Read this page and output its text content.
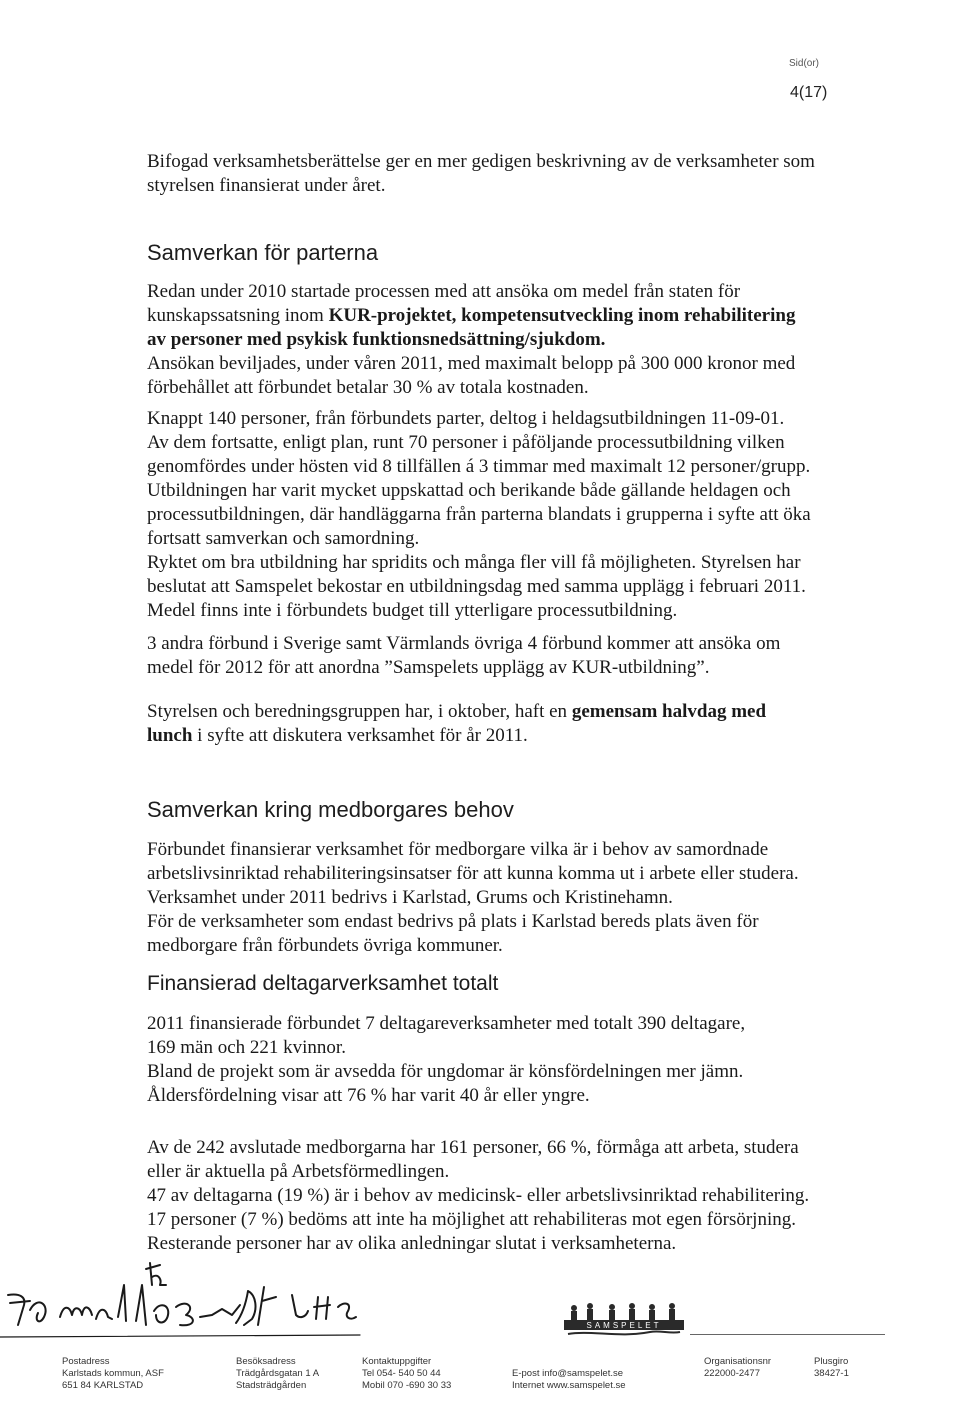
Sid(or)
4(17)
Bifogad verksamhetsberättelse ger en mer gedigen beskrivning av de verksamheter som
styrelsen finansierat under året.
Samverkan för parterna
Redan under 2010 startade processen med att ansöka om medel från staten för
kunskapssatsning inom KUR-projektet, kompetensutveckling inom rehabilitering
av personer med psykisk funktionsnedsättning/sjukdom.
Ansökan beviljades, under våren 2011, med maximalt belopp på 300 000 kronor med
förbehållet att förbundet betalar 30 % av totala kostnaden.
Knappt 140 personer, från förbundets parter, deltog i heldagsutbildningen 11-09-01.
Av dem fortsatte, enligt plan, runt 70 personer i påföljande processutbildning vilken
genomfördes under hösten vid 8 tillfällen á 3 timmar med maximalt 12 personer/grupp.
Utbildningen har varit mycket uppskattad och berikande både gällande heldagen och
processutbildningen, där handläggarna från parterna blandats i grupperna i syfte att öka
fortsatt samverkan och samordning.
Ryktet om bra utbildning har spridits och många fler vill få möjligheten. Styrelsen har
beslutat att Samspelet bekostar en utbildningsdag med samma upplägg i februari 2011.
Medel finns inte i förbundets budget till ytterligare processutbildning.
3 andra förbund i Sverige samt Värmlands övriga 4 förbund kommer att ansöka om
medel för 2012 för att anordna ”Samspelets upplägg av KUR-utbildning”.
Styrelsen och beredningsgruppen har, i oktober, haft en gemensam halvdag med
lunch i syfte att diskutera verksamhet för år 2011.
Samverkan kring medborgares behov
Förbundet finansierar verksamhet för medborgare vilka är i behov av samordnade
arbetslivsinriktad rehabiliteringsinsatser för att kunna komma ut i arbete eller studera.
Verksamhet under 2011 bedrivs i Karlstad, Grums och Kristinehamn.
För de verksamheter som endast bedrivs på plats i Karlstad bereds plats även för
medborgare från förbundets övriga kommuner.
Finansierad deltagarverksamhet totalt
2011 finansierade förbundet 7 deltagareverksamheter med totalt 390 deltagare,
169 män och 221 kvinnor.
Bland de projekt som är avsedda för ungdomar är könsfördelningen mer jämn.
Åldersfördelning visar att 76 % har varit 40 år eller yngre.
Av de 242 avslutade medborgarna har 161 personer, 66 %, förmåga att arbeta, studera
eller är aktuella på Arbetsförmedlingen.
47 av deltagarna (19 %) är i behov av medicinsk- eller arbetslivsinriktad rehabilitering.
17 personer (7 %) bedöms att inte ha möjlighet att rehabiliteras mot egen försörjning.
Resterande personer har av olika anledningar slutat i verksamheterna.
SAMSPELET
Postadress
Karlstads kommun, ASF
651 84 KARLSTAD
Besöksadress
Trädgårdsgatan 1 A
Stadsträdgården
Kontaktuppgifter
Tel 054- 540 50 44
Mobil 070 -690 30 33
E-post info@samspelet.se
Internet www.samspelet.se
Organisationsnr
222000-2477
Plusgiro
38427-1
